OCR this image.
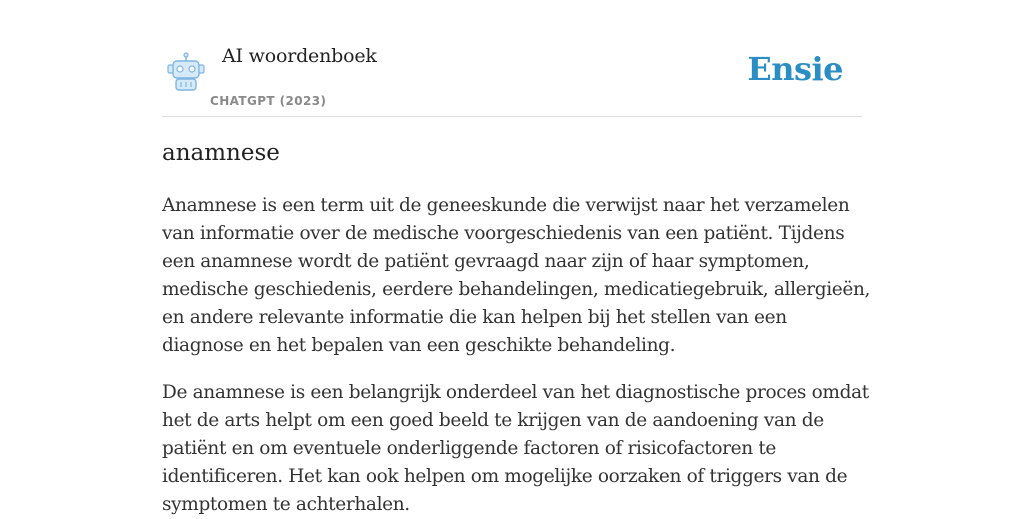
AI woordenboek
CHATGPT (2023)
Ensie
anamnese

Anamnese is een term uit de geneeskunde die verwijst naar het verzamelen van informatie over de medische voorgeschiedenis van een patiënt. Tijdens een anamnese wordt de patiënt gevraagd naar zijn of haar symptomen, medische geschiedenis, eerdere behandelingen, medicatiegebruik, allergieën, en andere relevante informatie die kan helpen bij het stellen van een diagnose en het bepalen van een geschikte behandeling.

De anamnese is een belangrijk onderdeel van het diagnostische proces omdat het de arts helpt om een goed beeld te krijgen van de aandoening van de patiënt en om eventuele onderliggende factoren of risicofactoren te identificeren. Het kan ook helpen om mogelijke oorzaken of triggers van de symptomen te achterhalen.
